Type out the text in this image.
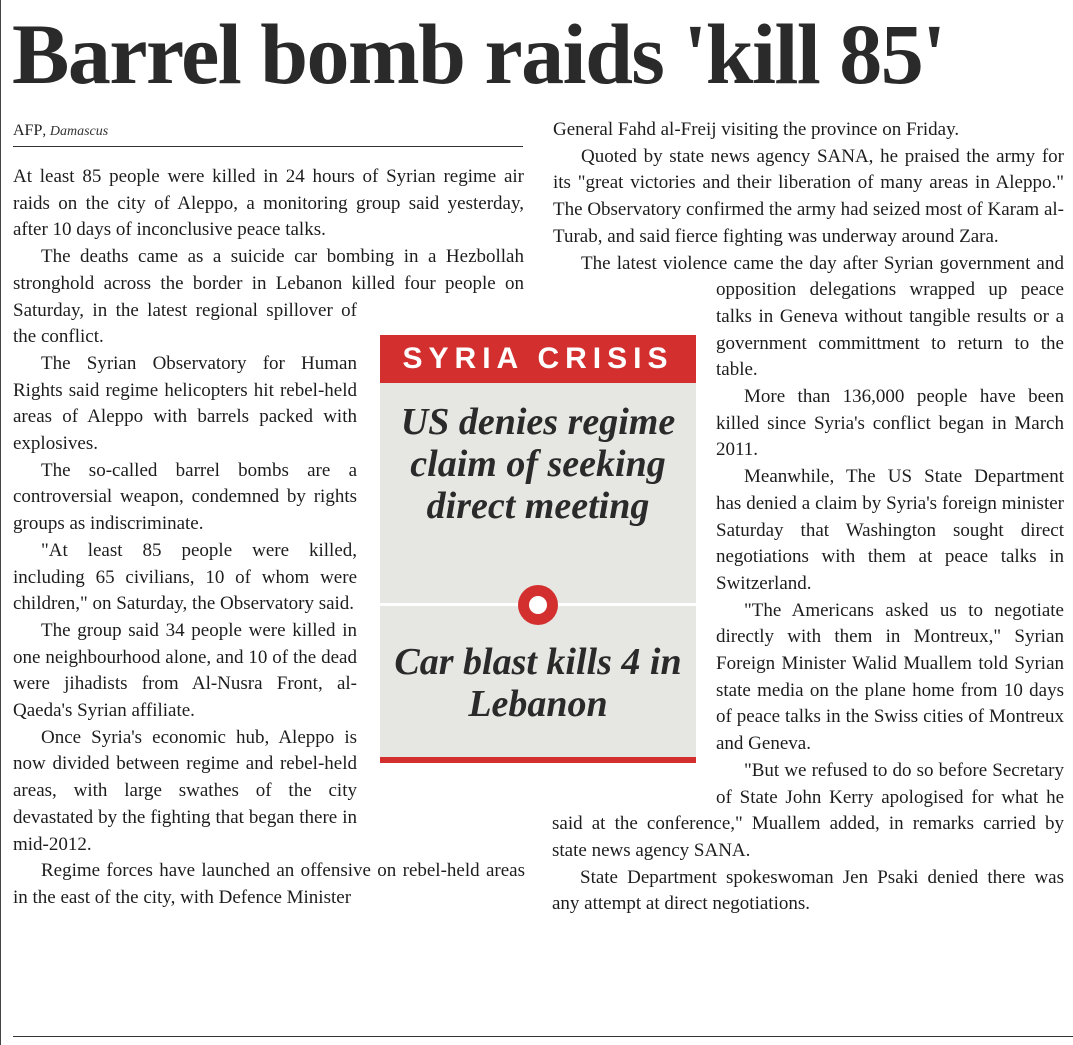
Barrel bomb raids 'kill 85'
AFP, Damascus

At least 85 people were killed in 24 hours of Syrian regime air raids on the city of Aleppo, a monitoring group said yesterday, after 10 days of inconclusive peace talks.

The deaths came as a suicide car bombing in a Hezbollah stronghold across the border in Lebanon killed four people on Saturday, in the latest regional spillover of the conflict.

The Syrian Observatory for Human Rights said regime helicopters hit rebel-held areas of Aleppo with barrels packed with explosives.

The so-called barrel bombs are a controversial weapon, condemned by rights groups as indiscriminate.

"At least 85 people were killed, including 65 civilians, 10 of whom were children," on Saturday, the Observatory said.

The group said 34 people were killed in one neighbourhood alone, and 10 of the dead were jihadists from Al-Nusra Front, al-Qaeda's Syrian affiliate.

Once Syria's economic hub, Aleppo is now divided between regime and rebel-held areas, with large swathes of the city devastated by the fighting that began there in mid-2012.

Regime forces have launched an offensive on rebel-held areas in the east of the city, with Defence Minister

General Fahd al-Freij visiting the province on Friday.

Quoted by state news agency SANA, he praised the army for its "great victories and their liberation of many areas in Aleppo." The Observatory confirmed the army had seized most of Karam al-Turab, and said fierce fighting was underway around Zara.

The latest violence came the day after Syrian government and opposition delegations wrapped up peace talks in Geneva without tangible results or a government committment to return to the table.

More than 136,000 people have been killed since Syria's conflict began in March 2011.

Meanwhile, The US State Department has denied a claim by Syria's foreign minister Saturday that Washington sought direct negotiations with them at peace talks in Switzerland.

"The Americans asked us to negotiate directly with them in Montreux," Syrian Foreign Minister Walid Muallem told Syrian state media on the plane home from 10 days of peace talks in the Swiss cities of Montreux and Geneva.

"But we refused to do so before Secretary of State John Kerry apologised for what he said at the conference," Muallem added, in remarks carried by state news agency SANA.

State Department spokeswoman Jen Psaki denied there was any attempt at direct negotiations.

SYRIA CRISIS
US denies regime claim of seeking direct meeting
Car blast kills 4 in Lebanon
